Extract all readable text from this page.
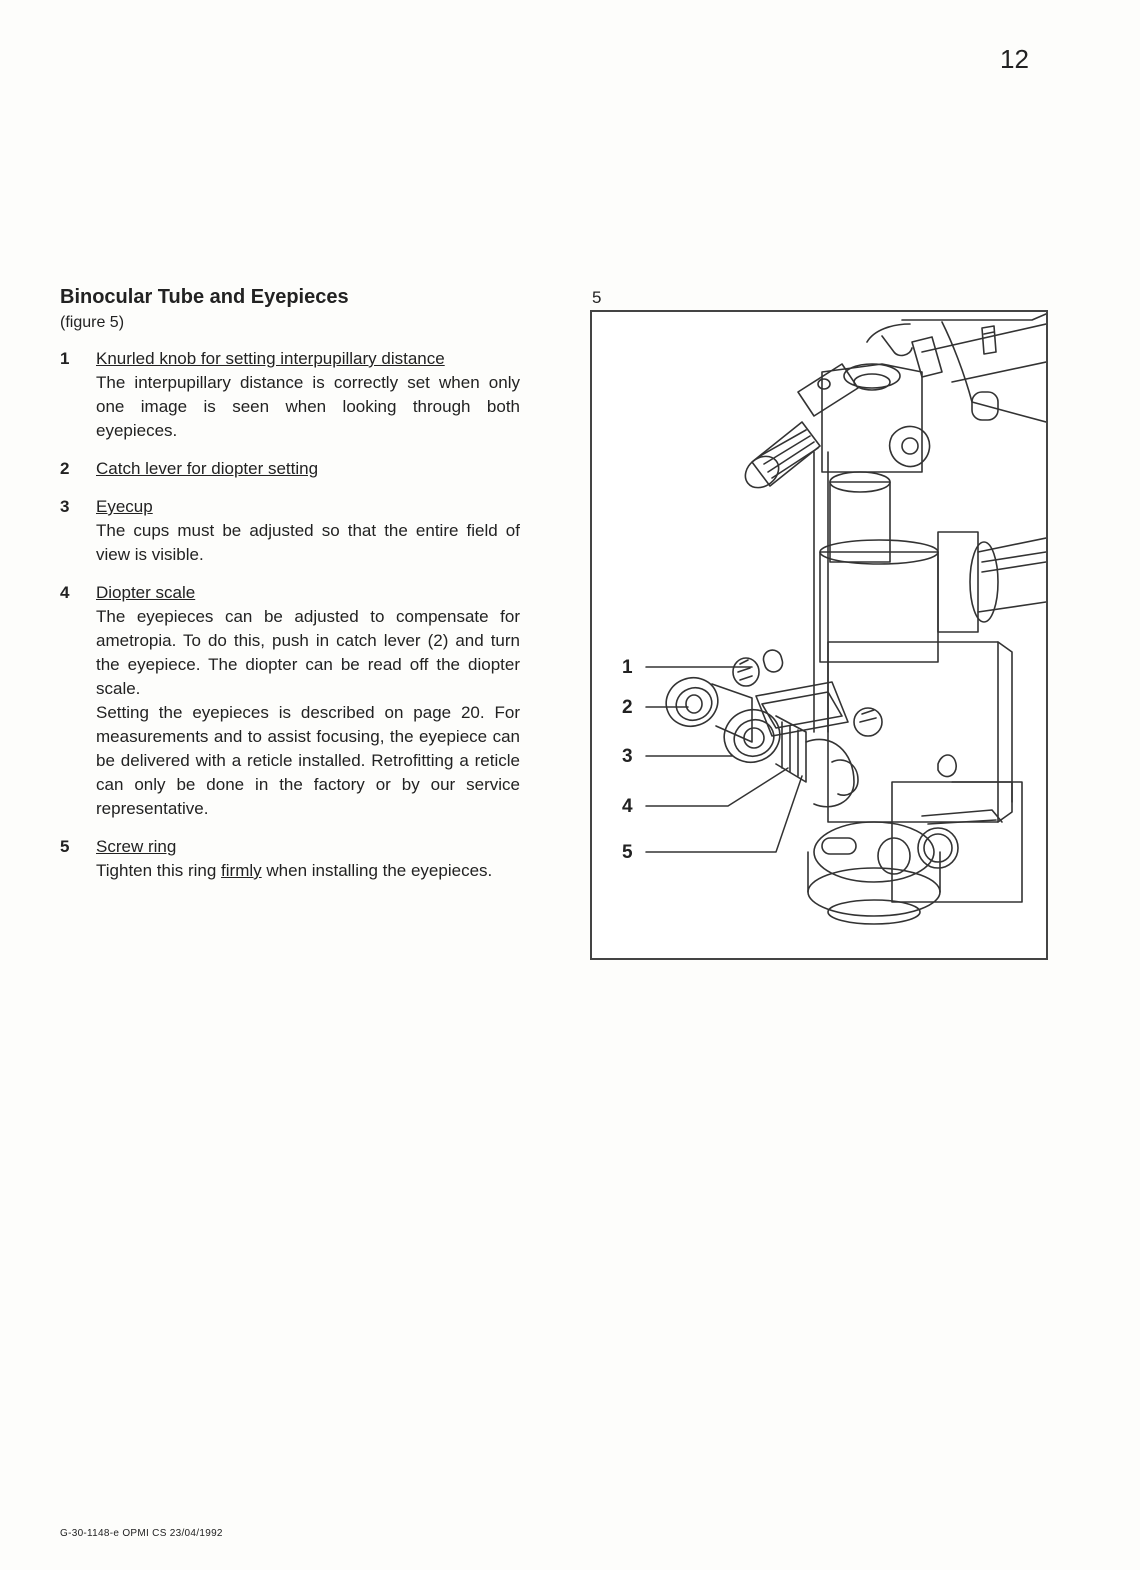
12
Binocular Tube and Eyepieces
(figure 5)
1 Knurled knob for setting interpupillary distance

The interpupillary distance is correctly set when only one image is seen when looking through both eyepieces.

2 Catch lever for diopter setting
3 Eyecup

The cups must be adjusted so that the entire field of view is visible.

4 Diopter scale

The eyepieces can be adjusted to compensate for ametropia. To do this, push in catch lever (2) and turn the eyepiece. The diopter can be read off the diopter scale.

Setting the eyepieces is described on page 20. For measurements and to assist focusing, the eyepiece can be delivered with a reticle installed. Retrofitting a reticle can only be done in the factory or by our service representative.

5 Screw ring

Tighten this ring firmly when installing the eyepieces.

5
1
2
3
4
5
G-30-1148-e OPMI CS 23/04/1992
